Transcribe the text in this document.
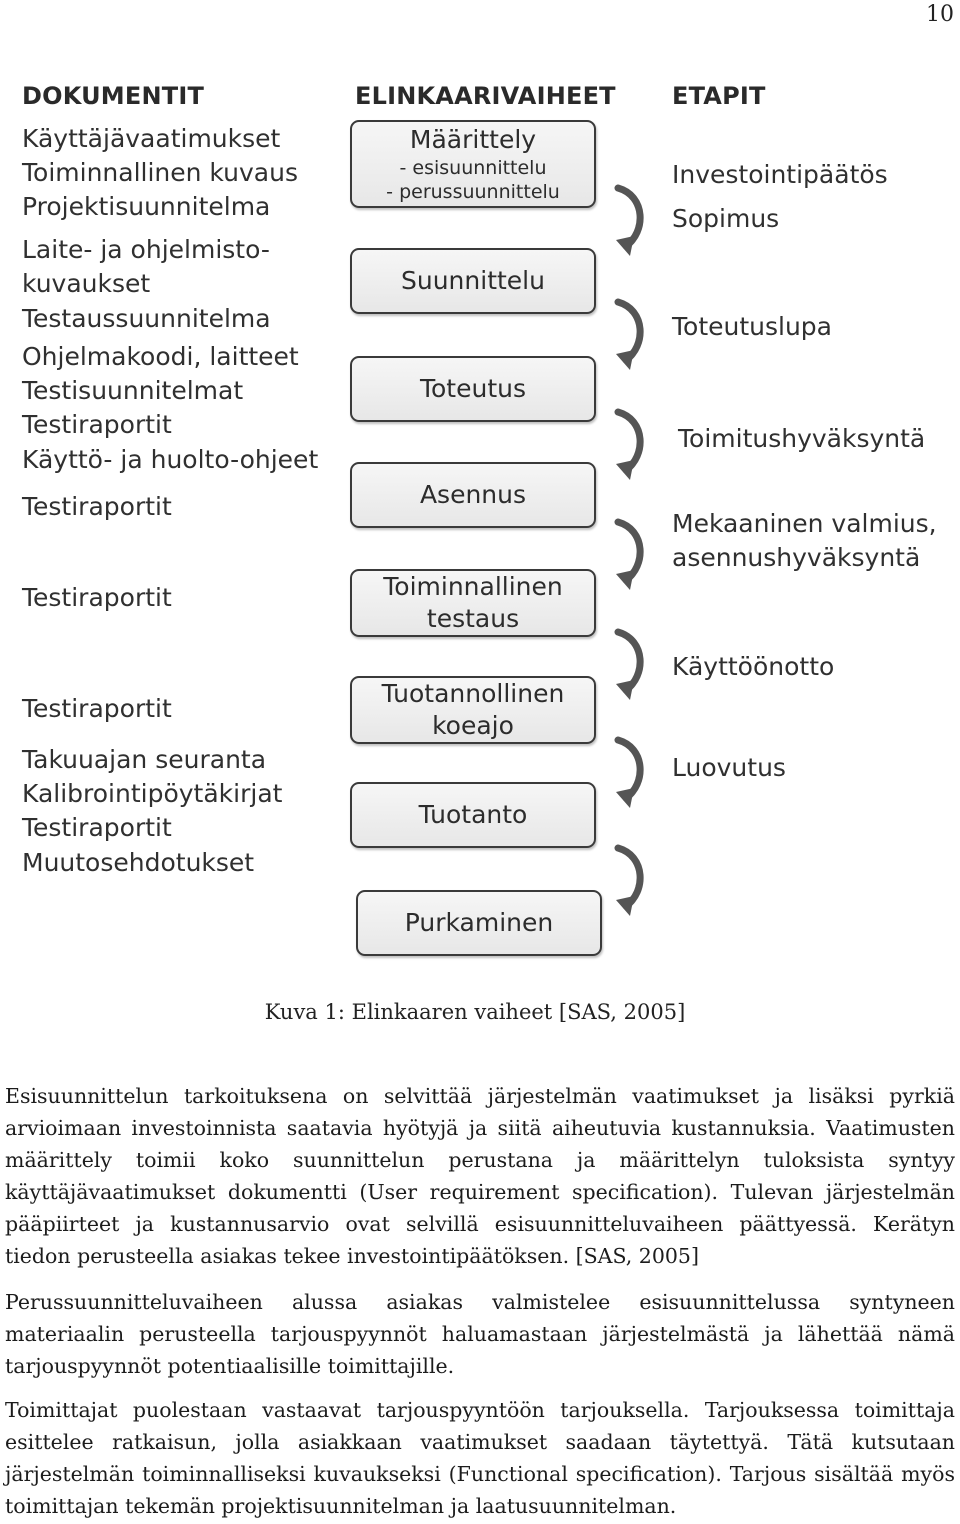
10
DOKUMENTIT	ELINKAARIVAIHEET ETAPIT
Käyttäjävaatimukset
Toiminnallinen kuvaus
Projektisuunnitelma
Laite- ja ohjelmisto-
kuvaukset
Testaussuunnitelma
Ohjelmakoodi, laitteet
Testisuunnitelmat
Testiraportit
Käyttö- ja huolto-ohjeet
Testiraportit
Testiraportit
Testiraportit
Takuuajan seuranta
Kalibrointipöytäkirjat
Testiraportit
Muutosehdotukset
Määrittely
- esisuunnittelu
- perussuunnittelu
Suunnittelu
Toteutus
Asennus
Toiminnallinen
testaus
Tuotannollinen
koeajo
Tuotanto
Purkaminen
Investointipäätös
Sopimus
Toteutuslupa
Toimitushyväksyntä
Mekaaninen valmius,
asennushyväksyntä
Käyttöönotto
Luovutus
Kuva 1: Elinkaaren vaiheet [SAS, 2005]

Esisuunnittelun tarkoituksena on selvittää järjestelmän vaatimukset ja lisäksi pyrkiä arvioimaan investoinnista saatavia hyötyjä ja siitä aiheutuvia kustannuksia. Vaatimusten määrittely toimii koko suunnittelun perustana ja määrittelyn tuloksista syntyy käyttäjävaatimukset dokumentti (User requirement specification). Tulevan järjestelmän pääpiirteet ja kustannusarvio ovat selvillä esisuunnitteluvaiheen päättyessä. Kerätyn tiedon perusteella asiakas tekee investointipäätöksen. [SAS, 2005]

Perussuunnitteluvaiheen alussa asiakas valmistelee esisuunnittelussa syntyneen materiaalin perusteella tarjouspyynnöt haluamastaan järjestelmästä ja lähettää nämä tarjouspyynnöt potentiaalisille toimittajille.

Toimittajat puolestaan vastaavat tarjouspyyntöön tarjouksella. Tarjouksessa toimittaja esittelee ratkaisun, jolla asiakkaan vaatimukset saadaan täytettyä. Tätä kutsutaan järjestelmän toiminnalliseksi kuvaukseksi (Functional specification). Tarjous sisältää myös toimittajan tekemän projektisuunnitelman ja laatusuunnitelman.
